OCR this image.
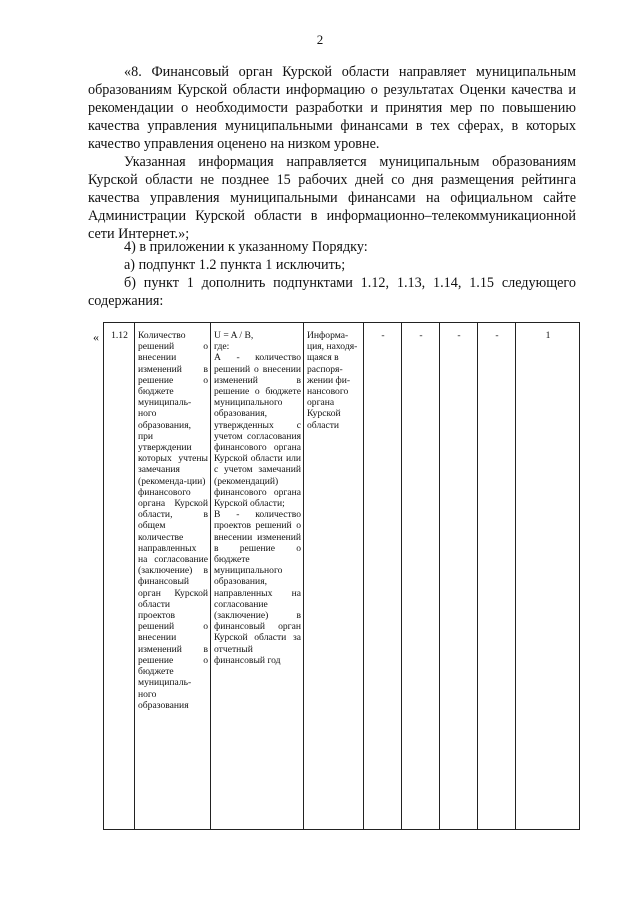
2

«8. Финансовый орган Курской области направляет муниципальным образованиям Курской области информацию о результатах Оценки качества и рекомендации о необходимости разработки и принятия мер по повышению качества управления муниципальными финансами в тех сферах, в которых качество управления оценено на низком уровне.

Указанная информация направляется муниципальным образованиям Курской области не позднее 15 рабочих дней со дня размещения рейтинга качества управления муниципальными финансами на официальном сайте Администрации Курской области в информационно–телекоммуникационной сети Интернет.»;

4) в приложении к указанному Порядку:

а) подпункт 1.2 пункта 1 исключить;

б) пункт 1 дополнить подпунктами 1.12, 1.13, 1.14, 1.15 следующего содержания:

« 1.12	Количество решений о внесении изменений в решение о бюджете муниципаль-ного образования, при утверждении которых учтены замечания (рекоменда-ции) финансового органа Курской области, в общем количестве направленных на согласование (заключение) в финансовый орган Курской области проектов решений о внесении изменений в решение о бюджете муниципаль-ного образования	U = A / B,
где:
А - количество решений о внесении изменений в решение о бюджете муниципального образования, утвержденных с учетом согласования финансового органа Курской области или с учетом замечаний (рекомендаций) финансового органа Курской области;
B - количество проектов решений о внесении изменений в решение о бюджете муниципального образования, направленных на согласование (заключение) в финансовый орган Курской области за отчетный финансовый год	Информа-ция, находя-щаяся в распоря-жении фи-нансового органа Курской области	-	-	-	-	1
